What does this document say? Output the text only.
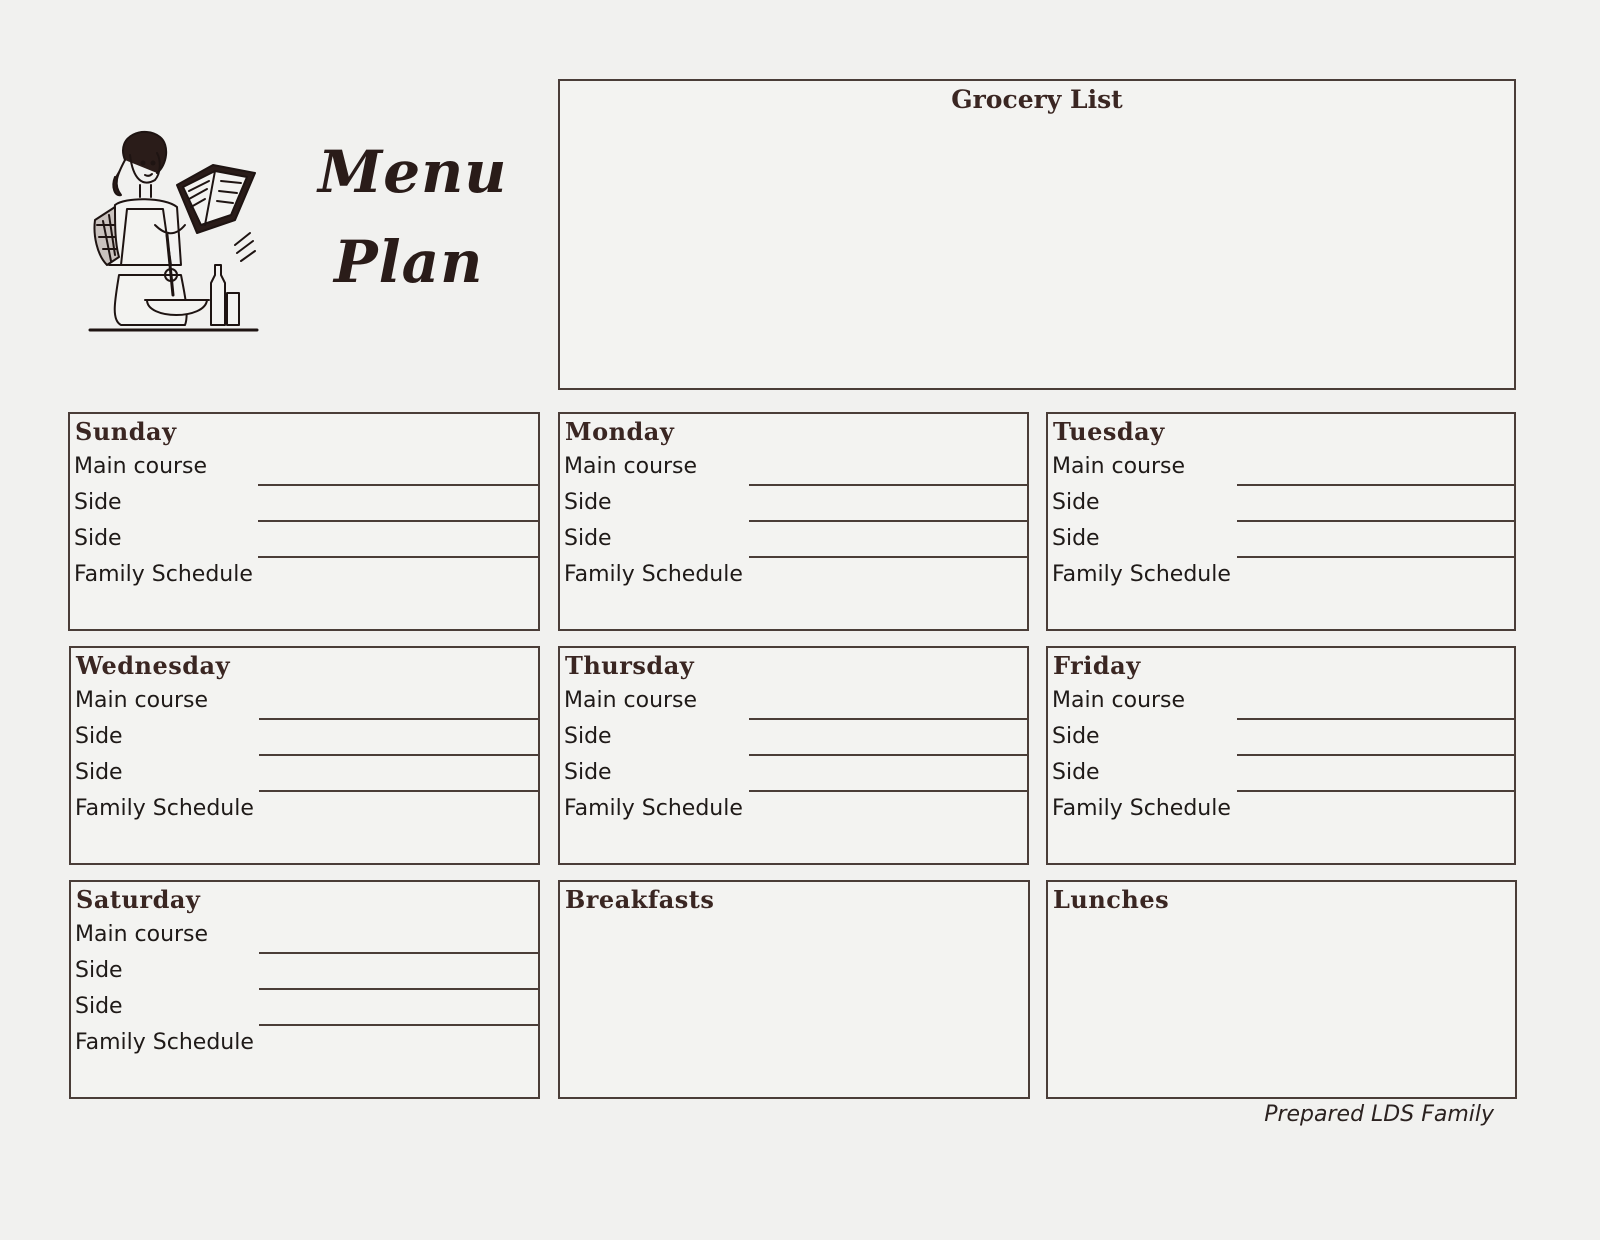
Menu
Plan
Grocery List
Sunday
Main course
Side
Side
Family Schedule
Monday
Main course
Side
Side
Family Schedule
Tuesday
Main course
Side
Side
Family Schedule
Wednesday
Main course
Side
Side
Family Schedule
Thursday
Main course
Side
Side
Family Schedule
Friday
Main course
Side
Side
Family Schedule
Saturday
Main course
Side
Side
Family Schedule
Breakfasts	Lunches
Prepared LDS Family
